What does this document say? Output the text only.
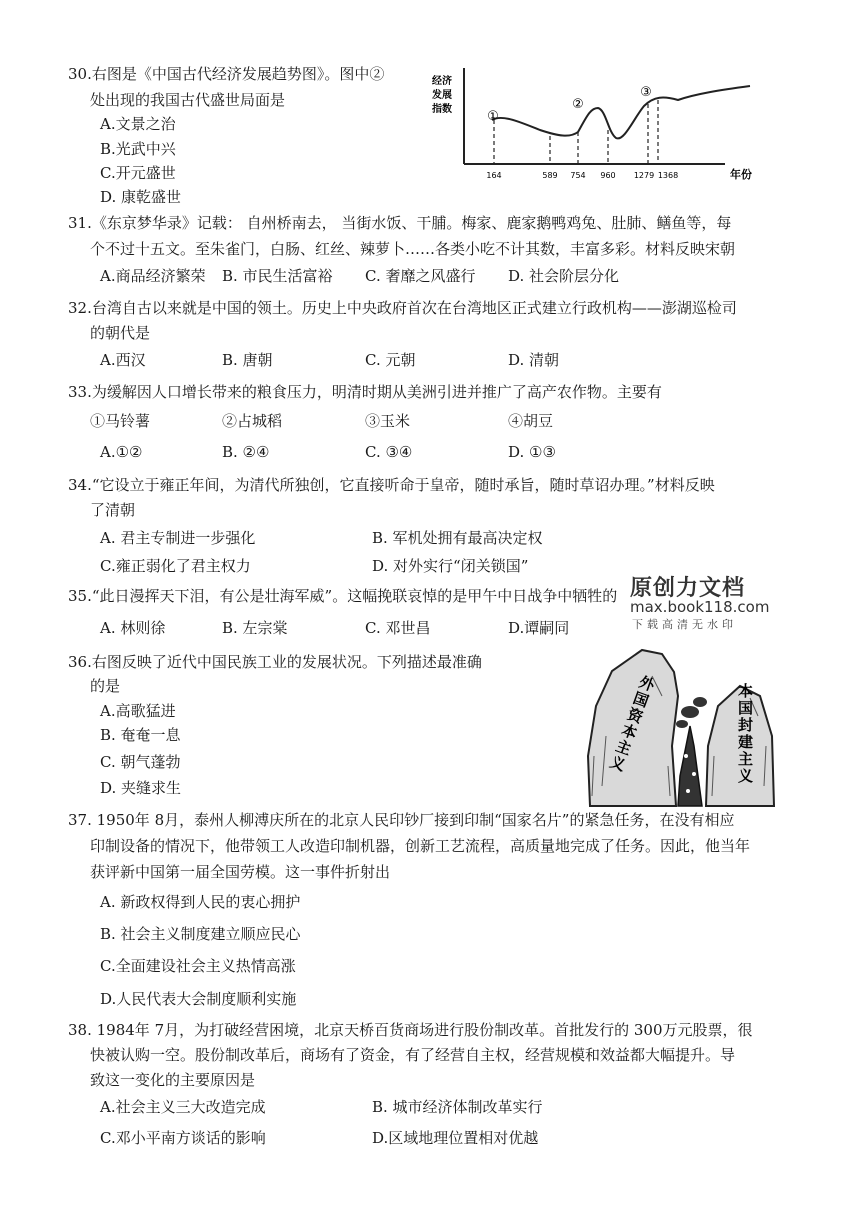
30.右图是《中国古代经济发展趋势图》。图中②
处出现的我国古代盛世局面是
A.文景之治
B.光武中兴
C.开元盛世
D. 康乾盛世
经济
发展
指数	①
②
③
164	589 754 960 1279 1368	年份
31.《东京梦华录》记载： 自州桥南去， 当街水饭、干脯。梅家、鹿家鹅鸭鸡兔、肚肺、鳝鱼等，每
个不过十五文。至朱雀门，白肠、红丝、辣萝卜……各类小吃不计其数，丰富多彩。材料反映宋朝
A.商品经济繁荣 B. 市民生活富裕 C. 奢靡之风盛行 D. 社会阶层分化
32.台湾自古以来就是中国的领土。历史上中央政府首次在台湾地区正式建立行政机构——澎湖巡检司
的朝代是
A.西汉	B. 唐朝	C. 元朝	D. 清朝
33.为缓解因人口增长带来的粮食压力，明清时期从美洲引进并推广了高产农作物。主要有
①马铃薯	②占城稻	③玉米	④胡豆
A.①②	B. ②④	C. ③④	D. ①③
34.“它设立于雍正年间，为清代所独创，它直接听命于皇帝，随时承旨，随时草诏办理。”材料反映
了清朝
A. 君主专制进一步强化	B. 军机处拥有最高决定权
C.雍正弱化了君主权力	D. 对外实行“闭关锁国”
35.“此日漫挥天下泪，有公是壮海军威”。这幅挽联哀悼的是甲午中日战争中牺牲的
A. 林则徐	B. 左宗棠	C. 邓世昌	D.谭嗣同
原创力文档
max.book118.com
下载高清无水印
36.右图反映了近代中国民族工业的发展状况。下列描述最准确
的是
A.高歌猛进
B. 奄奄一息
C. 朝气蓬勃
D. 夹缝求生
外国资本主义
本国封建主义
37. 1950年 8月，泰州人柳溥庆所在的北京人民印钞厂接到印制“国家名片”的紧急任务，在没有相应
印制设备的情况下，他带领工人改造印制机器，创新工艺流程，高质量地完成了任务。因此，他当年
获评新中国第一届全国劳模。这一事件折射出
A. 新政权得到人民的衷心拥护
B. 社会主义制度建立顺应民心
C.全面建设社会主义热情高涨
D.人民代表大会制度顺利实施
38. 1984年 7月，为打破经营困境，北京天桥百货商场进行股份制改革。首批发行的 300万元股票，很
快被认购一空。股份制改革后，商场有了资金，有了经营自主权，经营规模和效益都大幅提升。导
致这一变化的主要原因是
A.社会主义三大改造完成	B. 城市经济体制改革实行
C.邓小平南方谈话的影响	D.区域地理位置相对优越
